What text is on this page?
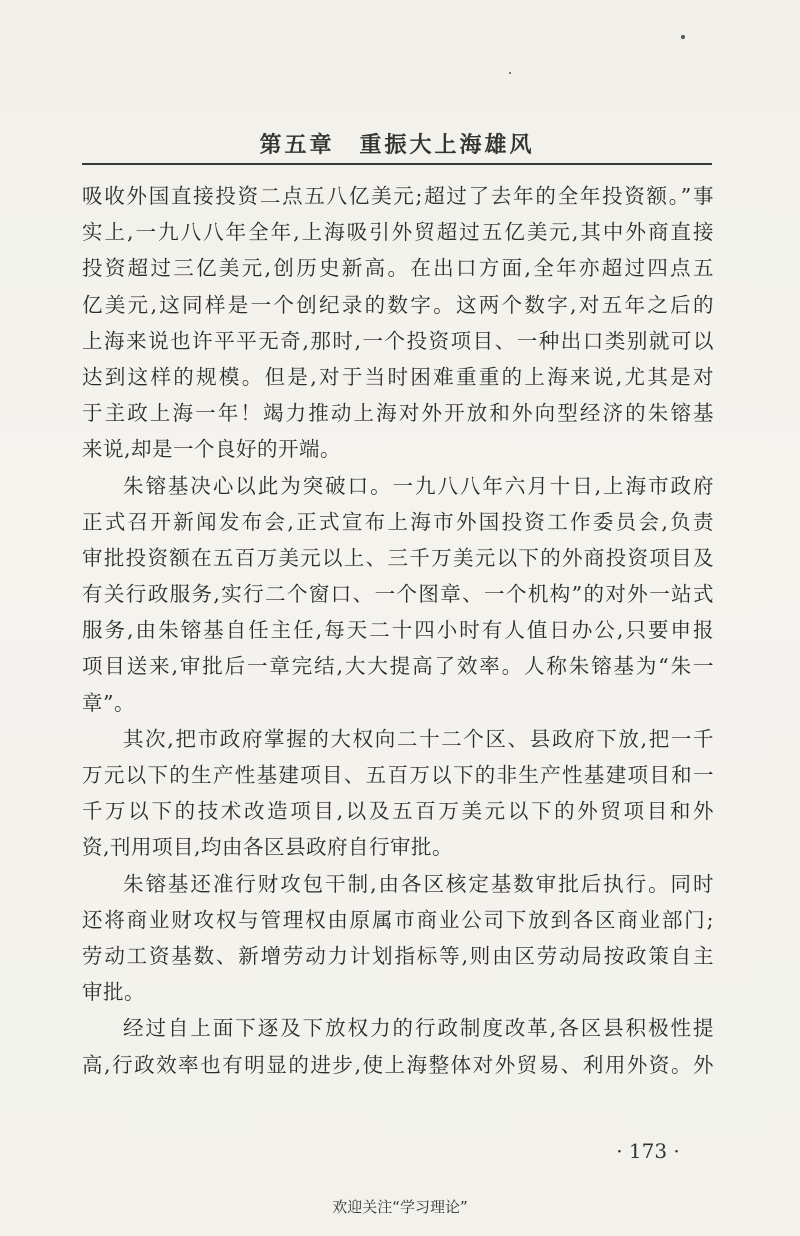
第五章　重振大上海雄风
吸收外国直接投资二点五八亿美元;超过了去年的全年投资额。”事
实上,一九八八年全年,上海吸引外贸超过五亿美元,其中外商直接
投资超过三亿美元,创历史新高。在出口方面,全年亦超过四点五
亿美元,这同样是一个创纪录的数字。这两个数字,对五年之后的
上海来说也许平平无奇,那时,一个投资项目、一种出口类别就可以
达到这样的规模。但是,对于当时困难重重的上海来说,尤其是对
于主政上海一年！竭力推动上海对外开放和外向型经济的朱镕基
来说,却是一个良好的开端。
朱镕基决心以此为突破口。一九八八年六月十日,上海市政府
正式召开新闻发布会,正式宣布上海市外国投资工作委员会,负责
审批投资额在五百万美元以上、三千万美元以下的外商投资项目及
有关行政服务,实行二个窗口、一个图章、一个机构”的对外一站式
服务,由朱镕基自任主任,每天二十四小时有人值日办公,只要申报
项目送来,审批后一章完结,大大提高了效率。人称朱镕基为“朱一
章”。
其次,把市政府掌握的大权向二十二个区、县政府下放,把一千
万元以下的生产性基建项目、五百万以下的非生产性基建项目和一
千万以下的技术改造项目,以及五百万美元以下的外贸项目和外
资,刊用项目,均由各区县政府自行审批。
朱镕基还准行财攻包干制,由各区核定基数审批后执行。同时
还将商业财攻权与管理权由原属市商业公司下放到各区商业部门;
劳动工资基数、新增劳动力计划指标等,则由区劳动局按政策自主
审批。
经过自上面下逐及下放权力的行政制度改革,各区县积极性提
高,行政效率也有明显的进步,使上海整体对外贸易、利用外资。外
· 173 ·
欢迎关注“学习理论”
